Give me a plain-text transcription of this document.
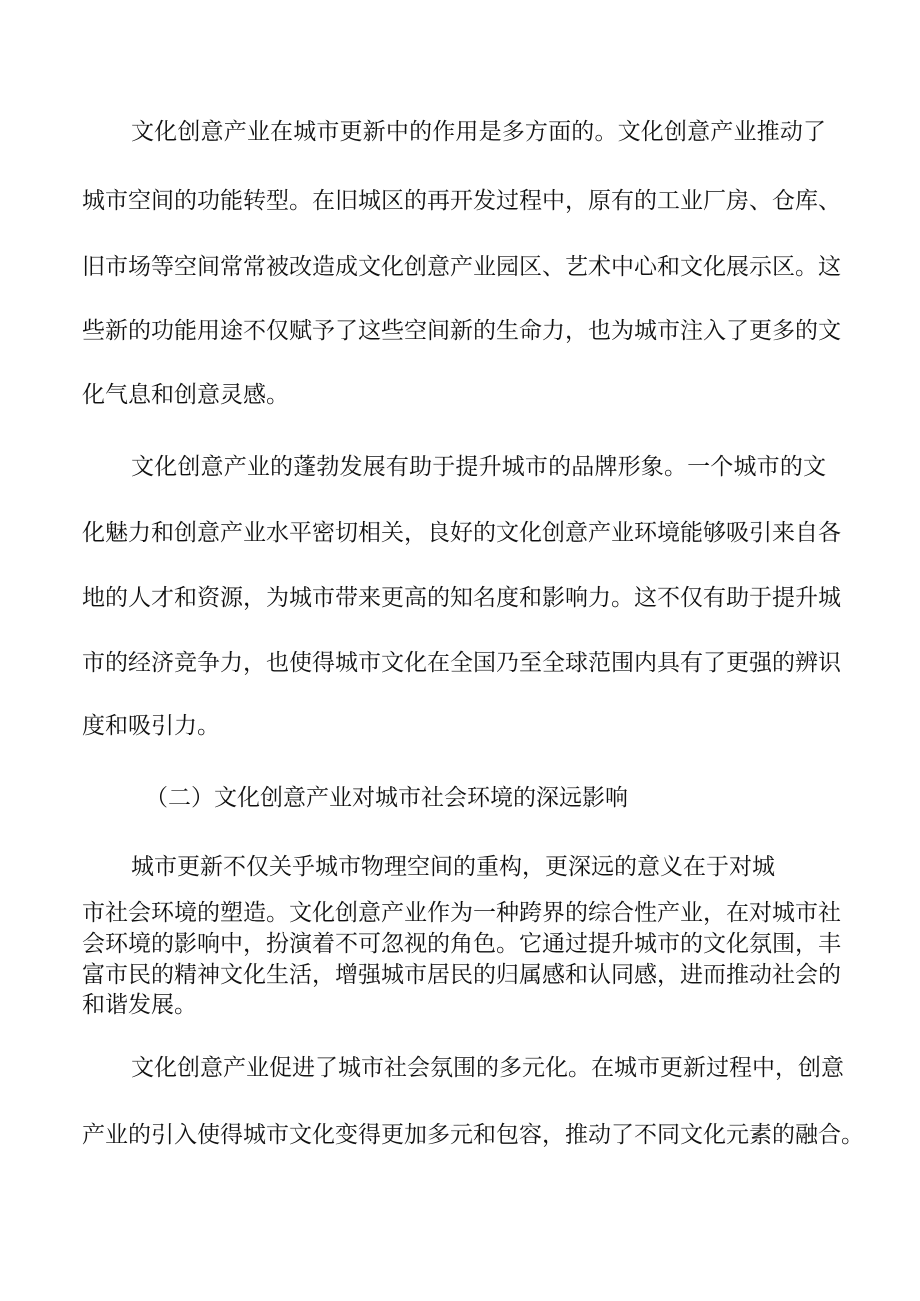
文 化 创 意 产 业 在 城 市 更 新 中 的 作 用 是 多 方 面 的 。 文 化 创 意 产 业 推 动 了
城 市 空 间 的 功 能 转 型 。 在 旧 城 区 的 再 开 发 过 程 中 ， 原 有 的 工 业 厂 房 、 仓 库 、
旧 市 场 等 空 间 常 常 被 改 造 成 文 化 创 意 产 业 园 区 、 艺 术 中 心 和 文 化 展 示 区 。 这
些 新 的 功 能 用 途 不 仅 赋 予 了 这 些 空 间 新 的 生 命 力 ， 也 为 城 市 注 入 了 更 多 的 文
化气息和创意灵感。
文 化 创 意 产 业 的 蓬 勃 发 展 有 助 于 提 升 城 市 的 品 牌 形 象 。 一 个 城 市 的 文
化 魅 力 和 创 意 产 业 水 平 密 切 相 关 ， 良 好 的 文 化 创 意 产 业 环 境 能 够 吸 引 来 自 各
地 的 人 才 和 资 源 ， 为 城 市 带 来 更 高 的 知 名 度 和 影 响 力 。 这 不 仅 有 助 于 提 升 城
市 的 经 济 竞 争 力 ， 也 使 得 城 市 文 化 在 全 国 乃 至 全 球 范 围 内 具 有 了 更 强 的 辨 识
度和吸引力。
（二）文化创意产业对城市社会环境的深远影响
城市更新不仅关乎城市物理空间的重构，更深远的意义在于对城
市 社 会 环 境 的 塑 造 。 文 化 创 意 产 业 作 为 一 种 跨 界 的 综 合 性 产 业 ， 在 对 城 市 社
会 环 境 的 影 响 中 ， 扮 演 着 不 可 忽 视 的 角 色 。 它 通 过 提 升 城 市 的 文 化 氛 围 ， 丰
富 市 民 的 精 神 文 化 生 活 ， 增 强 城 市 居 民 的 归 属 感 和 认 同 感 ， 进 而 推 动 社 会 的
和谐发展。
文 化 创 意 产 业 促 进 了 城 市 社 会 氛 围 的 多 元 化 。 在 城 市 更 新 过 程 中 ， 创 意
产 业 的 引 入 使 得 城 市 文 化 变 得 更 加 多 元 和 包 容 ， 推 动 了 不 同 文 化 元 素 的 融 合 。
